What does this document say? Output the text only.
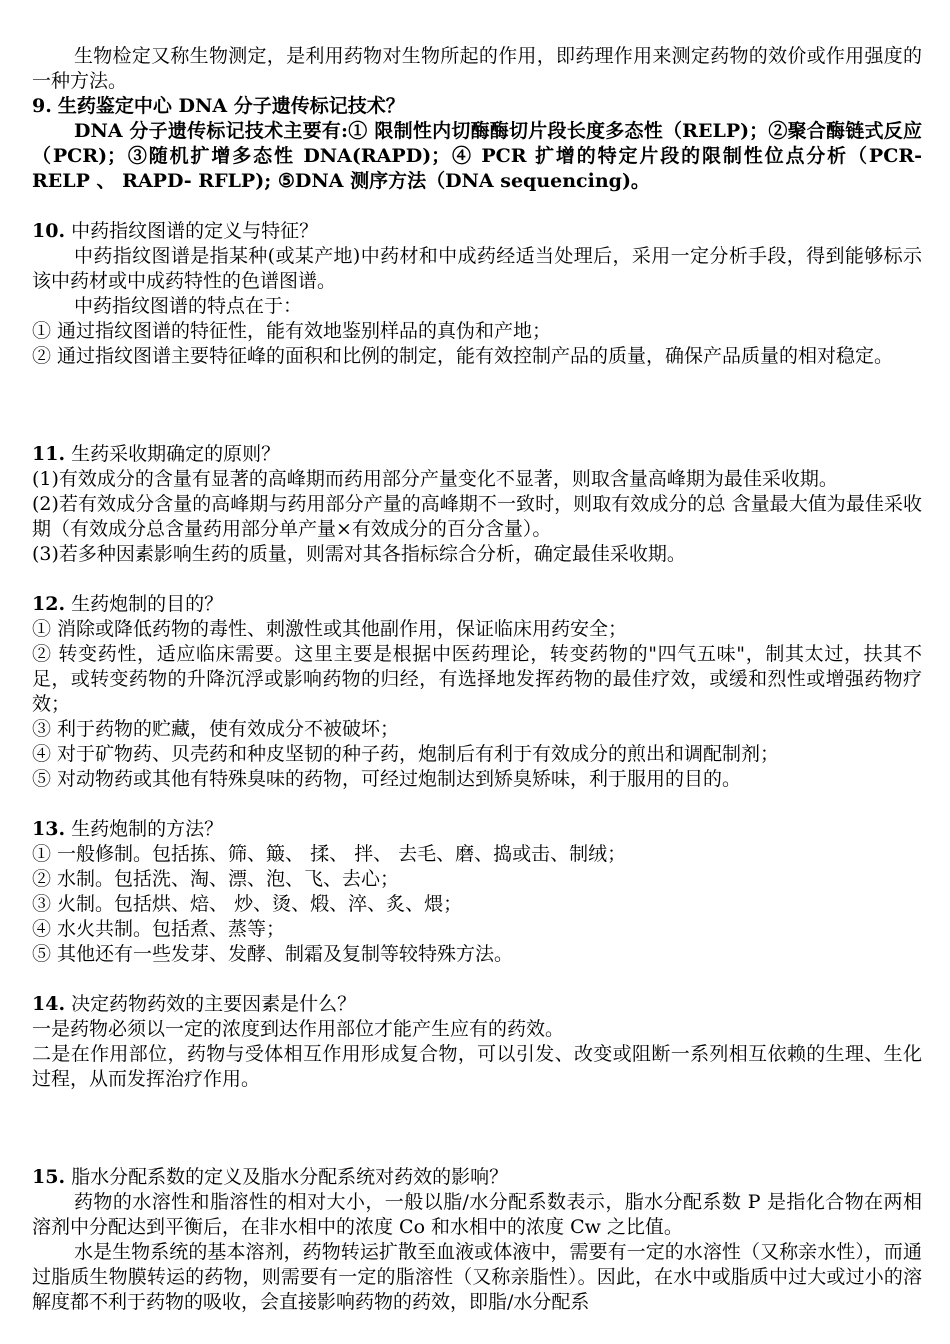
生物检定又称生物测定，是利用药物对生物所起的作用，即药理作用来测定药物的效价或作用强度的一种方法。

9. 生药鉴定中心 DNA 分子遗传标记技术？

DNA 分子遗传标记技术主要有:① 限制性内切酶酶切片段长度多态性（RELP)；②聚合酶链式反应（PCR)；③随机扩增多态性 DNA(RAPD)；④ PCR 扩增的特定片段的限制性位点分析（PCR- RELP 、 RAPD- RFLP); ⑤DNA 测序方法（DNA sequencing)。

10. 中药指纹图谱的定义与特征？

中药指纹图谱是指某种(或某产地)中药材和中成药经适当处理后，采用一定分析手段，得到能够标示该中药材或中成药特性的色谱图谱。

中药指纹图谱的特点在于：

① 通过指纹图谱的特征性，能有效地鉴别样品的真伪和产地；

② 通过指纹图谱主要特征峰的面积和比例的制定，能有效控制产品的质量，确保产品质量的相对稳定。

11. 生药采收期确定的原则？

(1)有效成分的含量有显著的高峰期而药用部分产量变化不显著，则取含量高峰期为最佳采收期。

(2)若有效成分含量的高峰期与药用部分产量的高峰期不一致时，则取有效成分的总 含量最大值为最佳采收期（有效成分总含量药用部分单产量×有效成分的百分含量）。

(3)若多种因素影响生药的质量，则需对其各指标综合分析，确定最佳采收期。

12. 生药炮制的目的？

① 消除或降低药物的毒性、刺激性或其他副作用，保证临床用药安全；

② 转变药性，适应临床需要。这里主要是根据中医药理论，转变药物的"四气五味"，制其太过，扶其不足，或转变药物的升降沉浮或影响药物的归经，有选择地发挥药物的最佳疗效，或缓和烈性或增强药物疗效；

③ 利于药物的贮藏，使有效成分不被破坏；

④ 对于矿物药、贝壳药和种皮坚韧的种子药，炮制后有利于有效成分的煎出和调配制剂；

⑤ 对动物药或其他有特殊臭味的药物，可经过炮制达到矫臭矫味，利于服用的目的。

13. 生药炮制的方法？

① 一般修制。包括拣、筛、簸、 揉、 拌、 去毛、磨、捣或击、制绒；

② 水制。包括洗、淘、漂、泡、飞、去心；

③ 火制。包括烘、焙、 炒、烫、煅、淬、炙、煨；

④ 水火共制。包括煮、蒸等；

⑤ 其他还有一些发芽、发酵、制霜及复制等较特殊方法。

14. 决定药物药效的主要因素是什么？

一是药物必须以一定的浓度到达作用部位才能产生应有的药效。

二是在作用部位，药物与受体相互作用形成复合物，可以引发、改变或阻断一系列相互依赖的生理、生化过程，从而发挥治疗作用。

15. 脂水分配系数的定义及脂水分配系统对药效的影响？

药物的水溶性和脂溶性的相对大小，一般以脂/水分配系数表示，脂水分配系数 P 是指化合物在两相溶剂中分配达到平衡后，在非水相中的浓度 Co 和水相中的浓度 Cw 之比值。

水是生物系统的基本溶剂，药物转运扩散至血液或体液中，需要有一定的水溶性（又称亲水性），而通过脂质生物膜转运的药物，则需要有一定的脂溶性（又称亲脂性）。因此，在水中或脂质中过大或过小的溶解度都不利于药物的吸收，会直接影响药物的药效，即脂/水分配系
